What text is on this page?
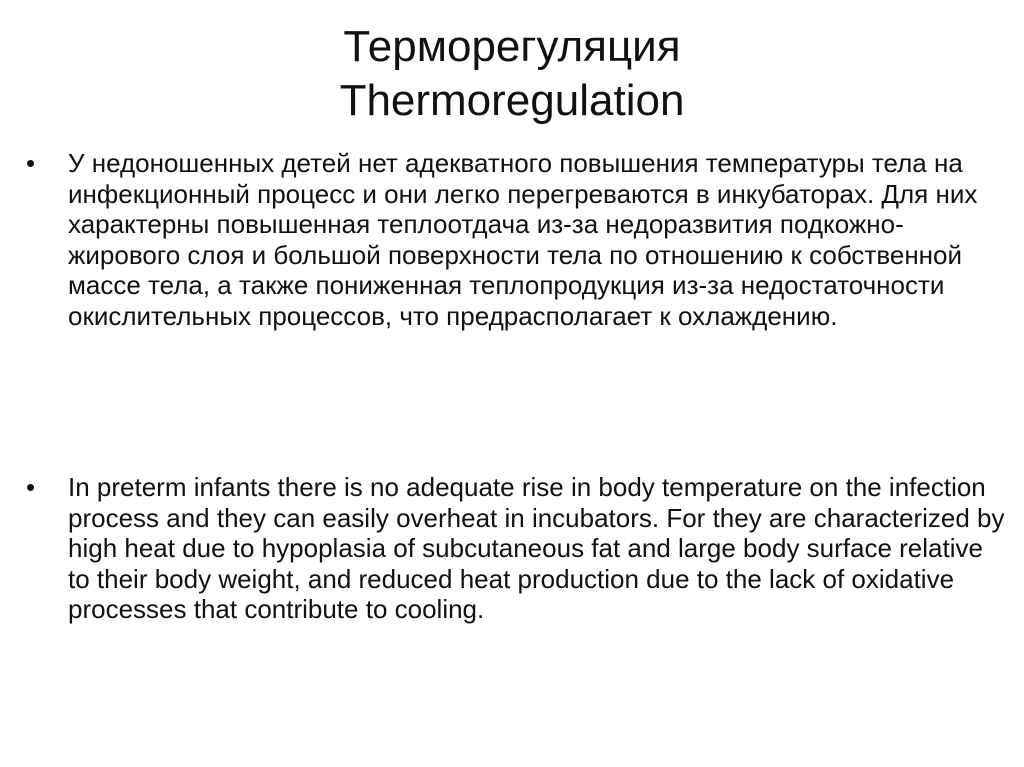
Терморегуляция
Thermoregulation
• У недоношенных детей нет адекватного повышения температуры тела на инфекционный процесс и они легко перегреваются в инкубаторах. Для них характерны повышенная теплоотдача из-за недоразвития подкожно-жирового слоя и большой поверхности тела по отношению к собственной массе тела, а также пониженная теплопродукция из-за недостаточности окислительных процессов, что предрасполагает к охлаждению.
• In preterm infants there is no adequate rise in body temperature on the infection process and they can easily overheat in incubators. For they are characterized by high heat due to hypoplasia of subcutaneous fat and large body surface relative to their body weight, and reduced heat production due to the lack of oxidative processes that contribute to cooling.
